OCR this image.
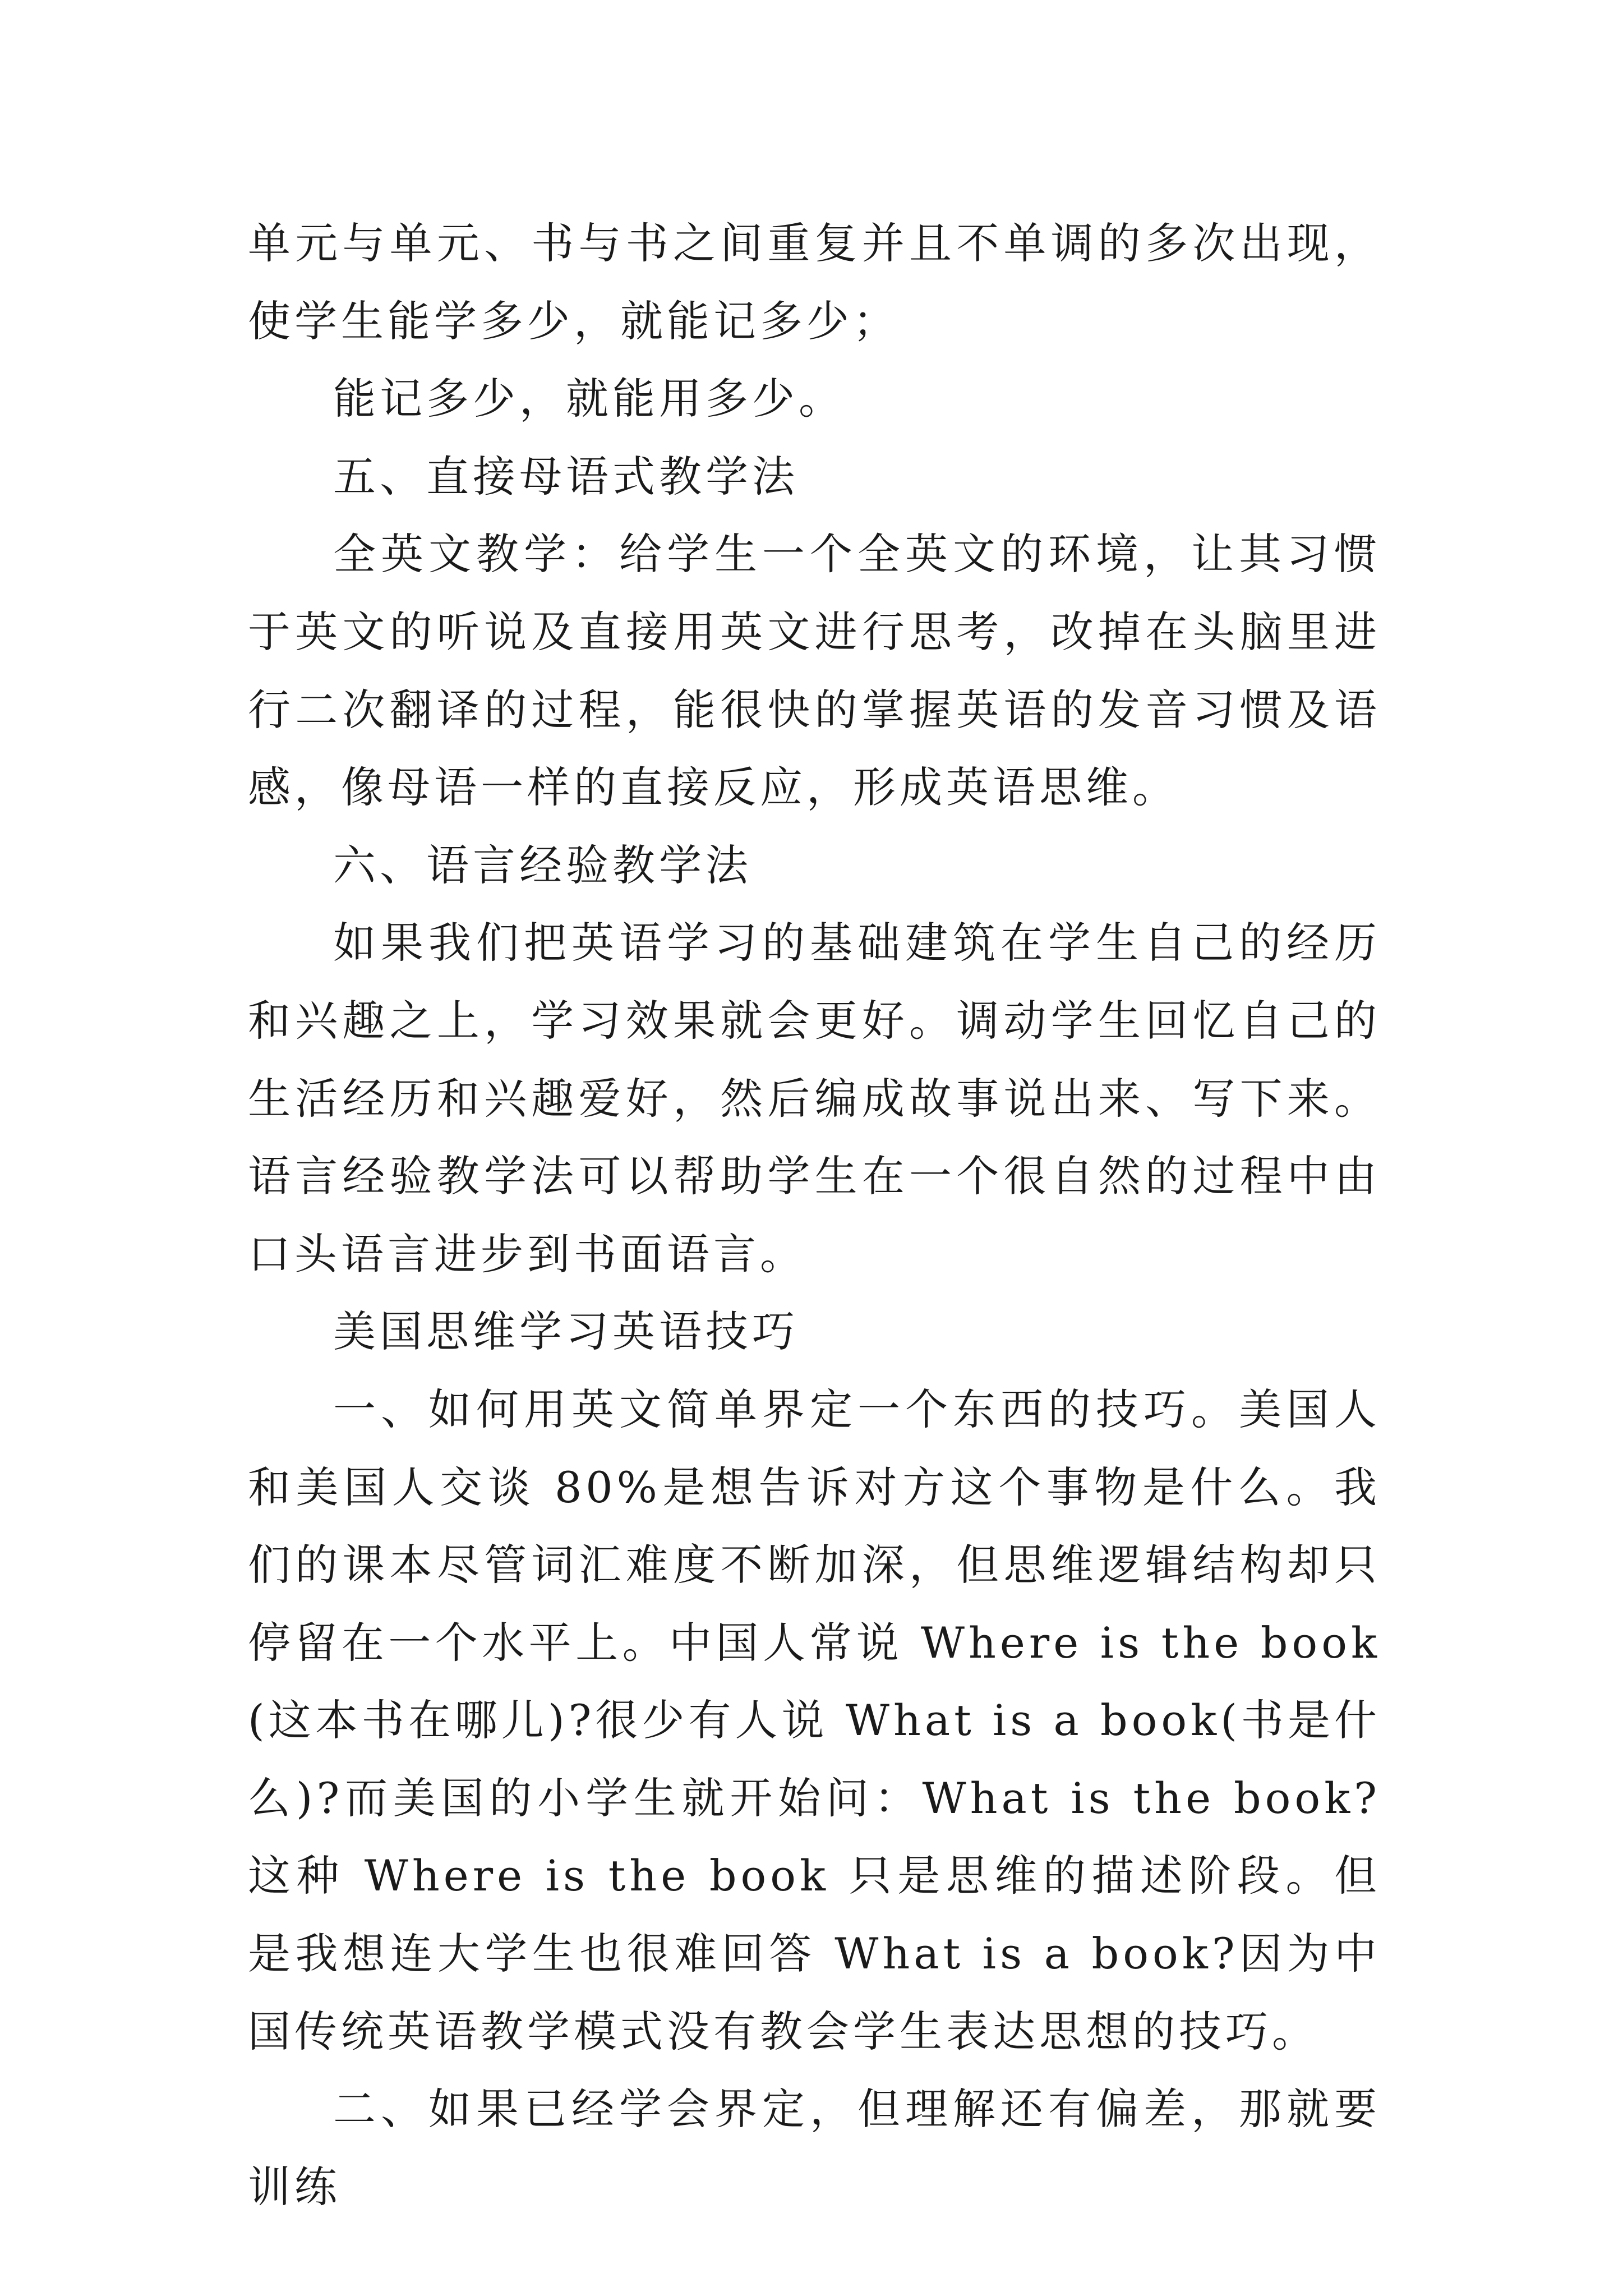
单元与单元、书与书之间重复并且不单调的多次出现，使学生能学多少，就能记多少；

能记多少，就能用多少。

五、直接母语式教学法

全英文教学：给学生一个全英文的环境，让其习惯于英文的听说及直接用英文进行思考，改掉在头脑里进行二次翻译的过程，能很快的掌握英语的发音习惯及语感，像母语一样的直接反应，形成英语思维。

六、语言经验教学法

如果我们把英语学习的基础建筑在学生自己的经历和兴趣之上，学习效果就会更好。调动学生回忆自己的生活经历和兴趣爱好，然后编成故事说出来、写下来。语言经验教学法可以帮助学生在一个很自然的过程中由口头语言进步到书面语言。

美国思维学习英语技巧

一、如何用英文简单界定一个东西的技巧。美国人和美国人交谈 80%是想告诉对方这个事物是什么。我们的课本尽管词汇难度不断加深，但思维逻辑结构却只停留在一个水平上。中国人常说 Where is the book(这本书在哪儿)?很少有人说 What is a book(书是什么)?而美国的小学生就开始问：What is the book?这种 Where is the book 只是思维的描述阶段。但是我想连大学生也很难回答 What is a book?因为中国传统英语教学模式没有教会学生表达思想的技巧。

二、如果已经学会界定，但理解还有偏差，那就要训练
